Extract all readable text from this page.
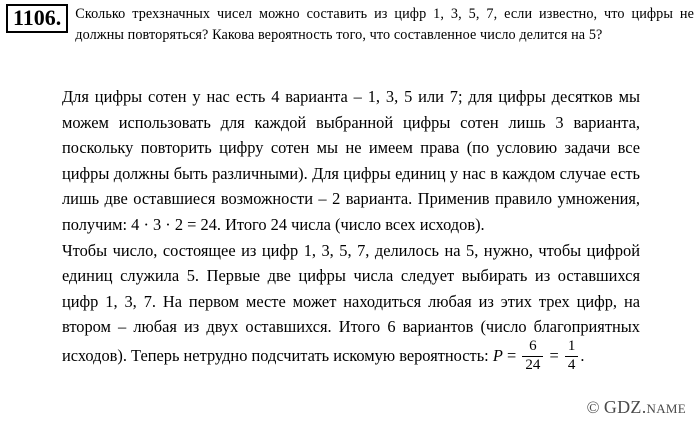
1106. Сколько трехзначных чисел можно составить из цифр 1, 3, 5, 7, если известно, что цифры не должны повторяться? Какова вероятность того, что составленное число делится на 5?

Для цифры сотен у нас есть 4 варианта – 1, 3, 5 или 7; для цифры десятков мы можем использовать для каждой выбранной цифры сотен лишь 3 варианта, поскольку повторить цифру сотен мы не имеем права (по условию задачи все цифры должны быть различными). Для цифры единиц у нас в каждом случае есть лишь две оставшиеся возможности – 2 варианта. Применив правило умножения, получим: 4 · 3 · 2 = 24. Итого 24 числа (число всех исходов).

Чтобы число, состоящее из цифр 1, 3, 5, 7, делилось на 5, нужно, чтобы цифрой единиц служила 5. Первые две цифры числа следует выбирать из оставшихся цифр 1, 3, 7. На первом месте может находиться любая из этих трех цифр, на втором – любая из двух оставшихся. Итого 6 вариантов (число благоприятных исходов). Теперь нетрудно подсчитать искомую вероятность: $P = \frac{6}{24} = \frac{1}{4}$ .

© GDZ.name
